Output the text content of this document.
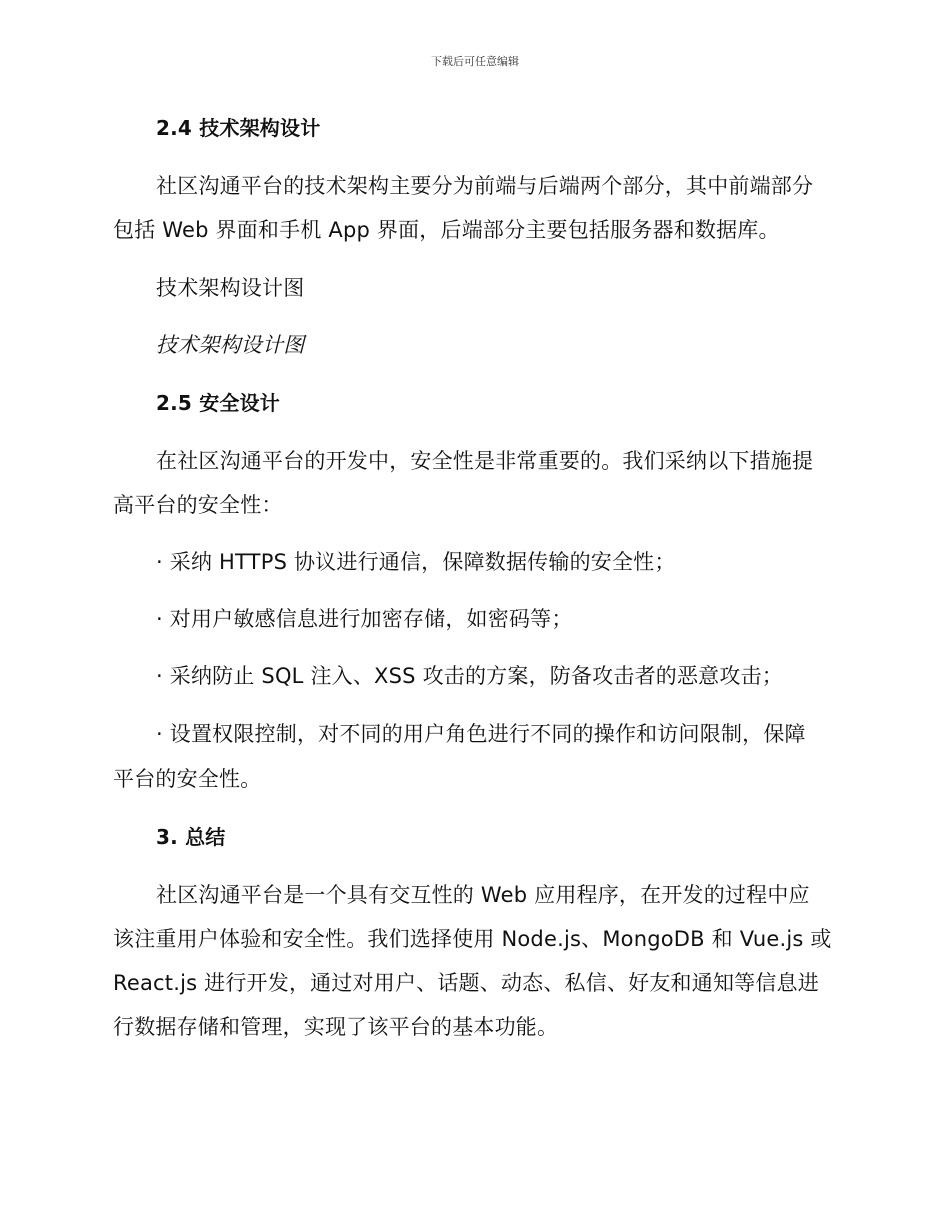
下载后可任意编辑
2.4 技术架构设计
社区沟通平台的技术架构主要分为前端与后端两个部分，其中前端部分
包括 Web 界面和手机 App 界面，后端部分主要包括服务器和数据库。
技术架构设计图
技术架构设计图
2.5 安全设计
在社区沟通平台的开发中，安全性是非常重要的。我们采纳以下措施提
高平台的安全性：
· 采纳 HTTPS 协议进行通信，保障数据传输的安全性；
· 对用户敏感信息进行加密存储，如密码等；
· 采纳防止 SQL 注入、XSS 攻击的方案，防备攻击者的恶意攻击；
· 设置权限控制，对不同的用户角色进行不同的操作和访问限制，保障
平台的安全性。
3. 总结
社区沟通平台是一个具有交互性的 Web 应用程序，在开发的过程中应
该注重用户体验和安全性。我们选择使用 Node.js、MongoDB 和 Vue.js 或
React.js 进行开发，通过对用户、话题、动态、私信、好友和通知等信息进
行数据存储和管理，实现了该平台的基本功能。
